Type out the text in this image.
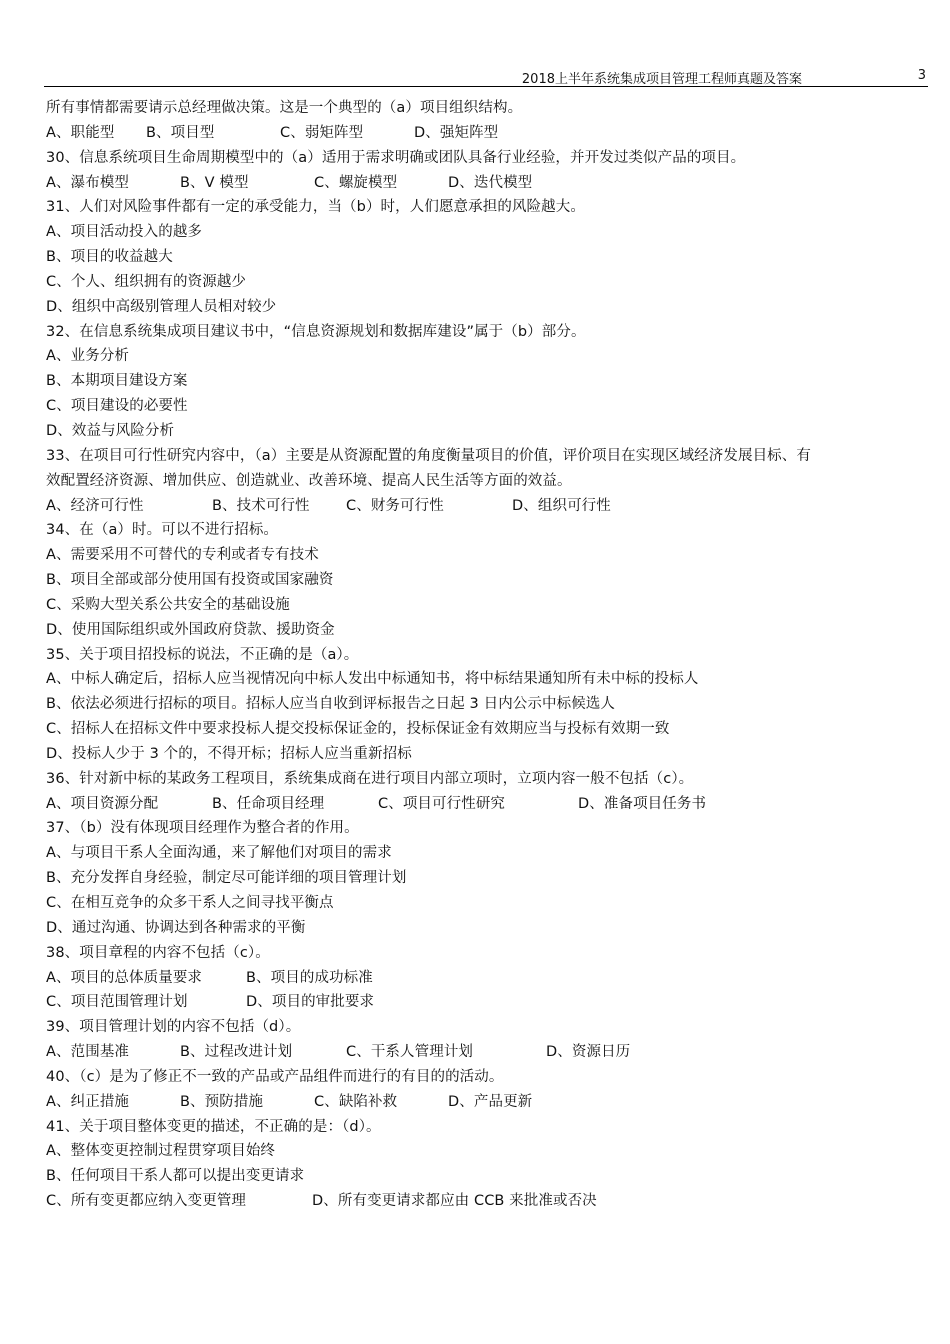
2018上半年系统集成项目管理工程师真题及答案	3
所有事情都需要请示总经理做决策。这是一个典型的（a）项目组织结构。
A、职能型	B、项目型	C、弱矩阵型	D、强矩阵型
30、信息系统项目生命周期模型中的（a）适用于需求明确或团队具备行业经验，并开发过类似产品的项目。
A、瀑布模型	B、V 模型	C、螺旋模型	D、迭代模型
31、人们对风险事件都有一定的承受能力，当（b）时，人们愿意承担的风险越大。
A、项目活动投入的越多
B、项目的收益越大
C、个人、组织拥有的资源越少
D、组织中高级别管理人员相对较少
32、在信息系统集成项目建议书中，“信息资源规划和数据库建设”属于（b）部分。
A、业务分析
B、本期项目建设方案
C、项目建设的必要性
D、效益与风险分析
33、在项目可行性研究内容中，（a）主要是从资源配置的角度衡量项目的价值，评价项目在实现区域经济发展目标、有
效配置经济资源、增加供应、创造就业、改善环境、提高人民生活等方面的效益。
A、经济可行性	B、技术可行性	C、财务可行性	D、组织可行性
34、在（a）时。可以不进行招标。
A、需要采用不可替代的专利或者专有技术
B、项目全部或部分使用国有投资或国家融资
C、采购大型关系公共安全的基础设施
D、使用国际组织或外国政府贷款、援助资金
35、关于项目招投标的说法，不正确的是（a）。
A、中标人确定后，招标人应当视情况向中标人发出中标通知书，将中标结果通知所有未中标的投标人
B、依法必须进行招标的项目。招标人应当自收到评标报告之日起 3 日内公示中标候选人
C、招标人在招标文件中要求投标人提交投标保证金的，投标保证金有效期应当与投标有效期一致
D、投标人少于 3 个的，不得开标；招标人应当重新招标
36、针对新中标的某政务工程项目，系统集成商在进行项目内部立项时，立项内容一般不包括（c）。
A、项目资源分配	B、任命项目经理	C、项目可行性研究	D、准备项目任务书
37、（b）没有体现项目经理作为整合者的作用。
A、与项目干系人全面沟通，来了解他们对项目的需求
B、充分发挥自身经验，制定尽可能详细的项目管理计划
C、在相互竞争的众多干系人之间寻找平衡点
D、通过沟通、协调达到各种需求的平衡
38、项目章程的内容不包括（c）。
A、项目的总体质量要求	B、项目的成功标准
C、项目范围管理计划	D、项目的审批要求
39、项目管理计划的内容不包括（d）。
A、范围基准	B、过程改进计划	C、干系人管理计划	D、资源日历
40、（c）是为了修正不一致的产品或产品组件而进行的有目的的活动。
A、纠正措施	B、预防措施	C、缺陷补救	D、产品更新
41、关于项目整体变更的描述，不正确的是：（d）。
A、整体变更控制过程贯穿项目始终
B、任何项目干系人都可以提出变更请求
C、所有变更都应纳入变更管理	D、所有变更请求都应由 CCB 来批准或否决
